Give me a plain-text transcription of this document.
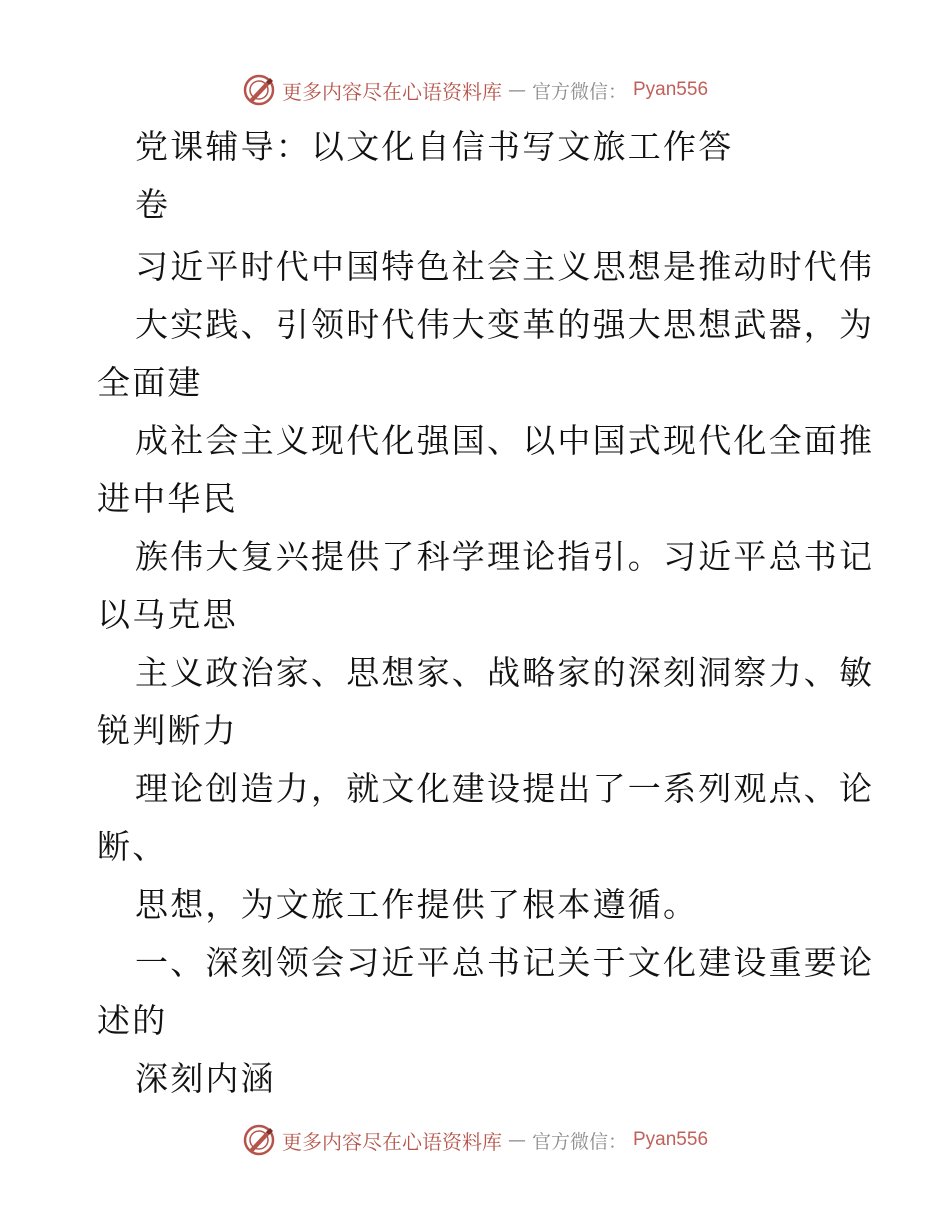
更多内容尽在心语资料库 — 官方微信： Pyan556
党课辅导：以文化自信书写文旅工作答
卷
习近平时代中国特色社会主义思想是推动时代伟
大实践、引领时代伟大变革的强大思想武器，为
全面建
成社会主义现代化强国、以中国式现代化全面推
进中华民
族伟大复兴提供了科学理论指引。习近平总书记
以马克思
主义政治家、思想家、战略家的深刻洞察力、敏
锐判断力
理论创造力，就文化建设提出了一系列观点、论
断、
思想，为文旅工作提供了根本遵循。
一、深刻领会习近平总书记关于文化建设重要论
述的
深刻内涵
更多内容尽在心语资料库 — 官方微信： Pyan556
